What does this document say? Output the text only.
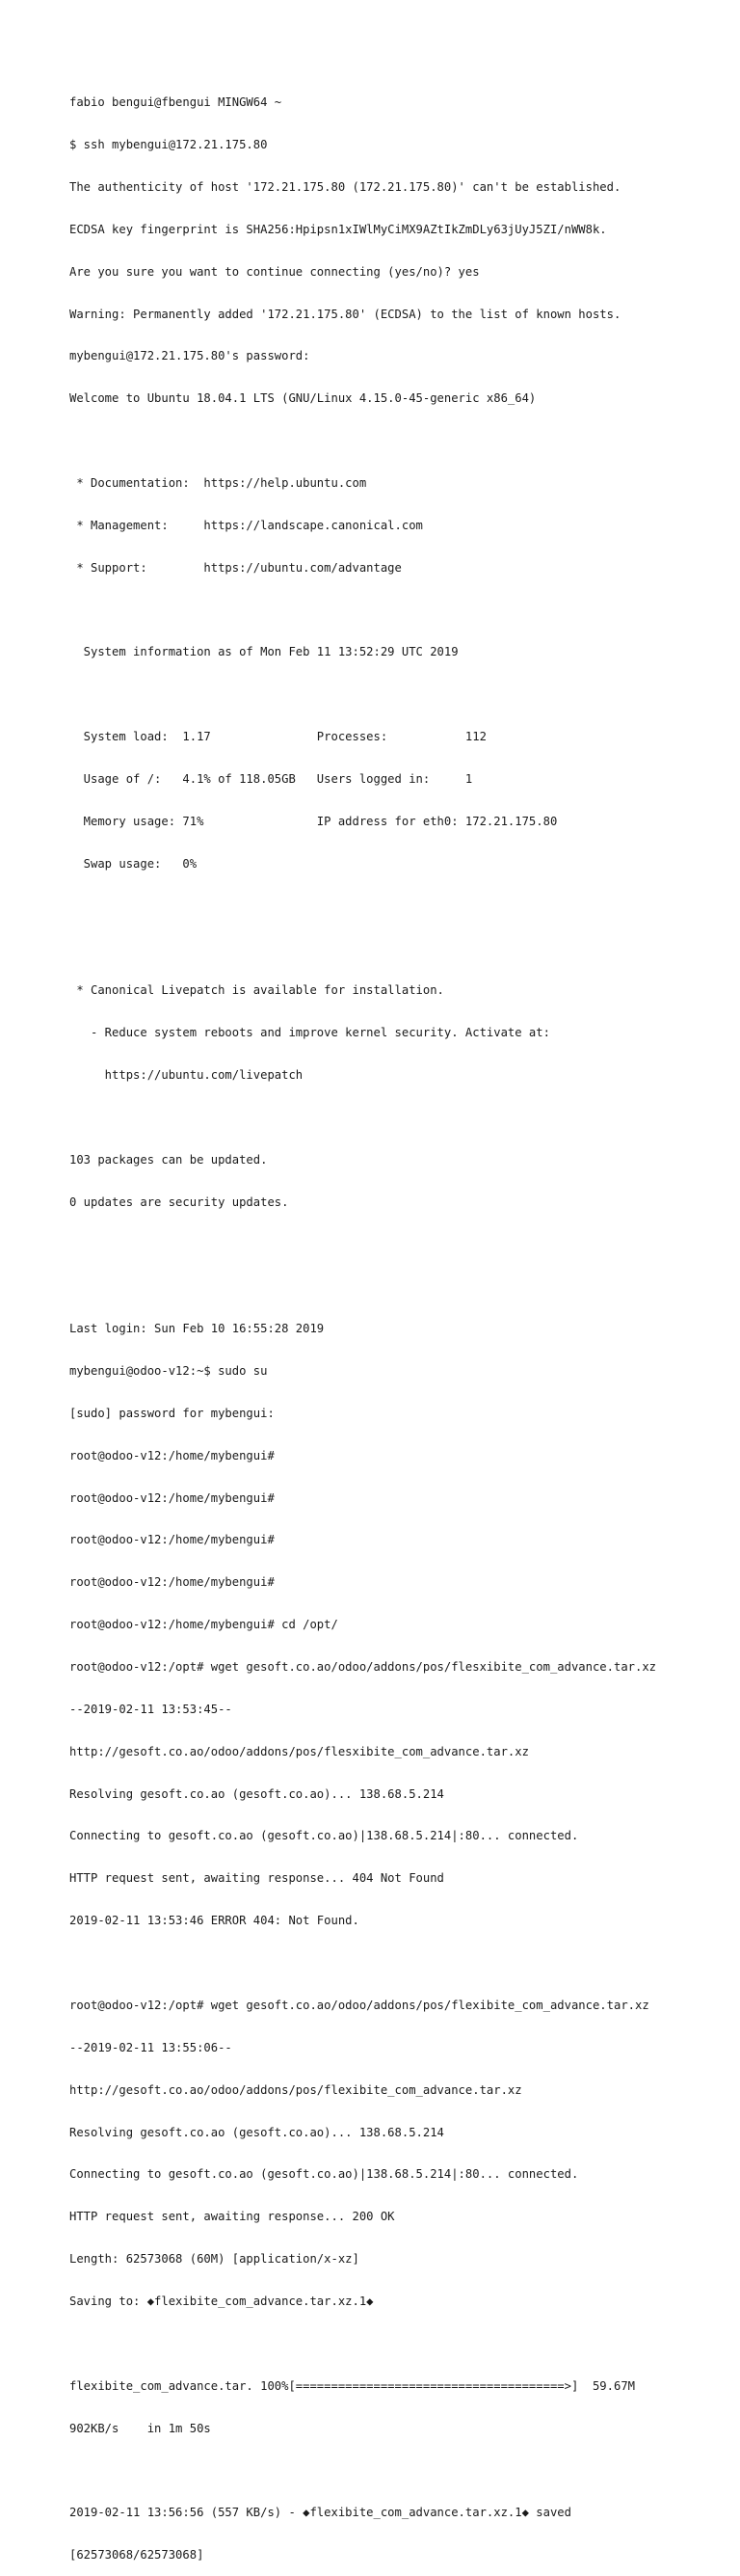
fabio bengui@fbengui MINGW64 ~

$ ssh mybengui@172.21.175.80

The authenticity of host '172.21.175.80 (172.21.175.80)' can't be established.

ECDSA key fingerprint is SHA256:Hpipsn1xIWlMyCiMX9AZtIkZmDLy63jUyJ5ZI/nWW8k.

Are you sure you want to continue connecting (yes/no)? yes

Warning: Permanently added '172.21.175.80' (ECDSA) to the list of known hosts.

mybengui@172.21.175.80's password:

Welcome to Ubuntu 18.04.1 LTS (GNU/Linux 4.15.0-45-generic x86_64)

* Documentation:  https://help.ubuntu.com

* Management:     https://landscape.canonical.com

* Support:        https://ubuntu.com/advantage

System information as of Mon Feb 11 13:52:29 UTC 2019

System load:  1.17               Processes:           112

Usage of /:   4.1% of 118.05GB   Users logged in:     1

Memory usage: 71%                IP address for eth0: 172.21.175.80

Swap usage:   0%

* Canonical Livepatch is available for installation.

- Reduce system reboots and improve kernel security. Activate at:

https://ubuntu.com/livepatch

103 packages can be updated.

0 updates are security updates.

Last login: Sun Feb 10 16:55:28 2019

mybengui@odoo-v12:~$ sudo su

[sudo] password for mybengui:

root@odoo-v12:/home/mybengui#

root@odoo-v12:/home/mybengui#

root@odoo-v12:/home/mybengui#

root@odoo-v12:/home/mybengui#

root@odoo-v12:/home/mybengui# cd /opt/

root@odoo-v12:/opt# wget gesoft.co.ao/odoo/addons/pos/flesxibite_com_advance.tar.xz

--2019-02-11 13:53:45--

http://gesoft.co.ao/odoo/addons/pos/flesxibite_com_advance.tar.xz

Resolving gesoft.co.ao (gesoft.co.ao)... 138.68.5.214

Connecting to gesoft.co.ao (gesoft.co.ao)|138.68.5.214|:80... connected.

HTTP request sent, awaiting response... 404 Not Found

2019-02-11 13:53:46 ERROR 404: Not Found.

root@odoo-v12:/opt# wget gesoft.co.ao/odoo/addons/pos/flexibite_com_advance.tar.xz

--2019-02-11 13:55:06--

http://gesoft.co.ao/odoo/addons/pos/flexibite_com_advance.tar.xz

Resolving gesoft.co.ao (gesoft.co.ao)... 138.68.5.214

Connecting to gesoft.co.ao (gesoft.co.ao)|138.68.5.214|:80... connected.

HTTP request sent, awaiting response... 200 OK

Length: 62573068 (60M) [application/x-xz]

Saving to: ◆flexibite_com_advance.tar.xz.1◆

flexibite_com_advance.tar. 100%[======================================>]  59.67M

902KB/s    in 1m 50s

2019-02-11 13:56:56 (557 KB/s) - ◆flexibite_com_advance.tar.xz.1◆ saved

[62573068/62573068]
